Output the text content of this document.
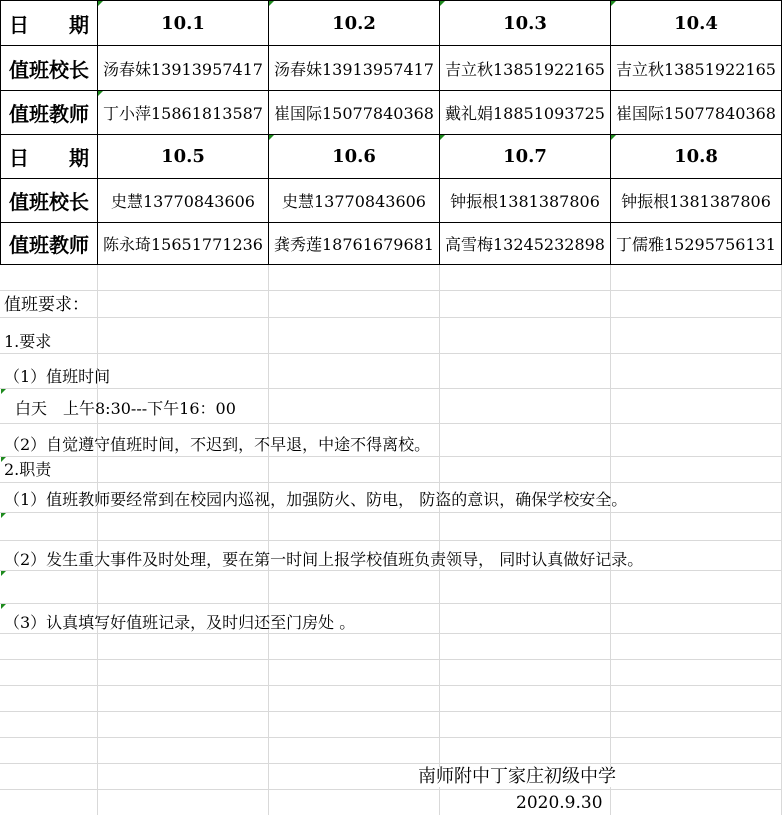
日　　期	10.1	10.2	10.3	10.4
值班校长	汤春妹13913957417	汤春妹13913957417	吉立秋13851922165	吉立秋13851922165
值班教师	丁小萍15861813587	崔国际15077840368	戴礼娟18851093725	崔国际15077840368
日　　期	10.5	10.6	10.7	10.8
值班校长	史慧13770843606	史慧13770843606	钟振根1381387806	钟振根1381387806
值班教师	陈永琦15651771236	龚秀莲18761679681	高雪梅13245232898	丁儒雅15295756131
值班要求：
1.要求
（1）值班时间
白天　上午8:30---下午16：00
（2）自觉遵守值班时间，不迟到，不早退，中途不得离校。
2.职责
（1）值班教师要经常到在校园内巡视，加强防火、防电， 防盗的意识，确保学校安全。
（2）发生重大事件及时处理，要在第一时间上报学校值班负责领导， 同时认真做好记录。
（3）认真填写好值班记录，及时归还至门房处 。
南师附中丁家庄初级中学
2020.9.30
